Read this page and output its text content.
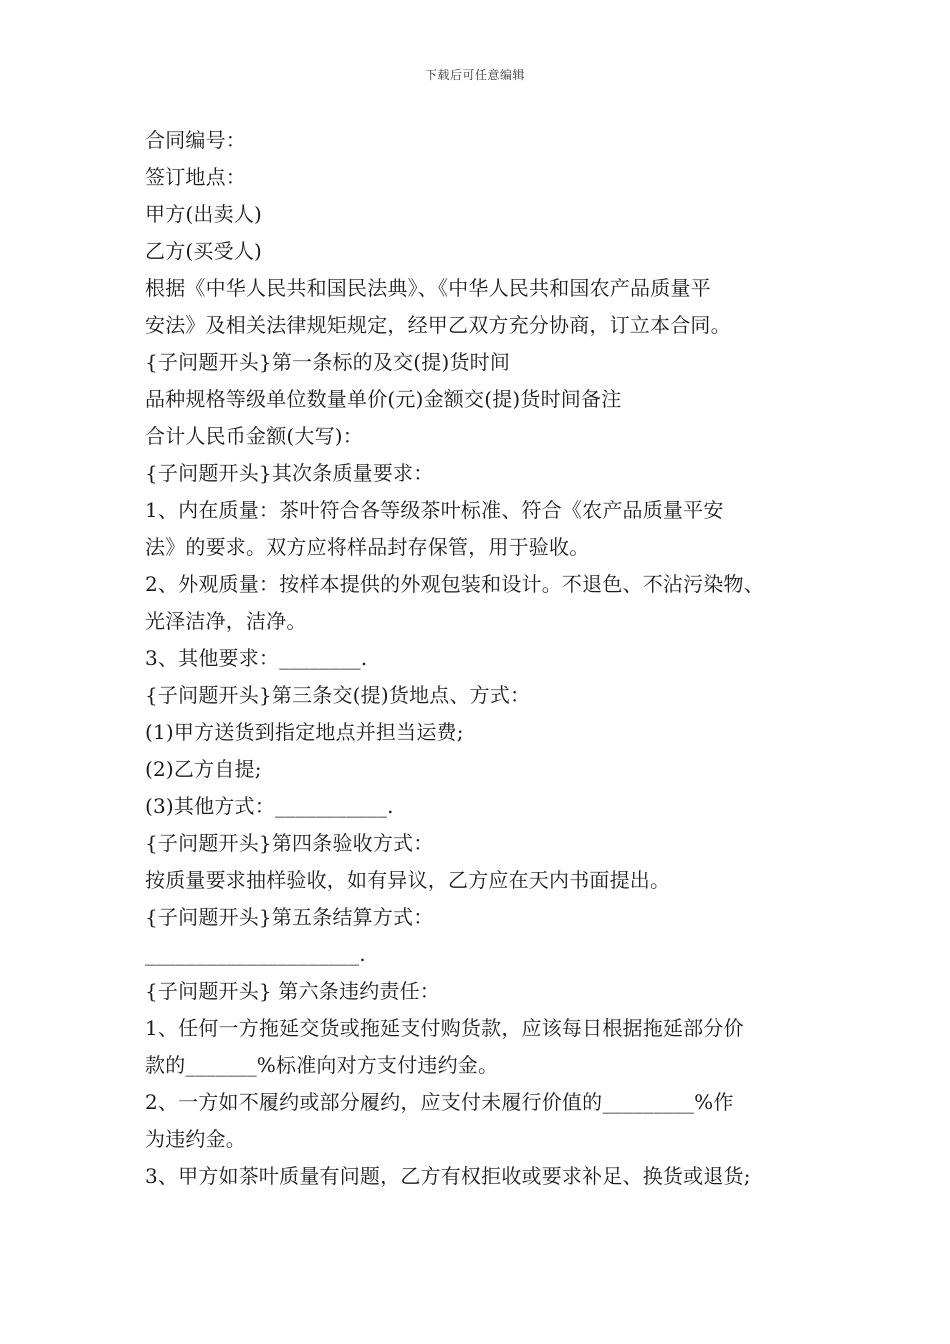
下载后可任意编辑
合同编号：
签订地点：
甲方(出卖人)
乙方(买受人)
根据《中华人民共和国民法典》、《中华人民共和国农产品质量平
安法》及相关法律规矩规定，经甲乙双方充分协商，订立本合同。
{子问题开头}第一条标的及交(提)货时间
品种规格等级单位数量单价(元)金额交(提)货时间备注
合计人民币金额(大写)：
{子问题开头}其次条质量要求：
1、内在质量：茶叶符合各等级茶叶标准、符合《农产品质量平安
法》的要求。双方应将样品封存保管，用于验收。
2、外观质量：按样本提供的外观包装和设计。不退色、不沾污染物、
光泽洁净，洁净。
3、其他要求：________.
{子问题开头}第三条交(提)货地点、方式：
(1)甲方送货到指定地点并担当运费;
(2)乙方自提;
(3)其他方式：___________.
{子问题开头}第四条验收方式：
按质量要求抽样验收，如有异议，乙方应在天内书面提出。
{子问题开头}第五条结算方式：
_____________________.
{子问题开头} 第六条违约责任：
1、任何一方拖延交货或拖延支付购货款，应该每日根据拖延部分价
款的_______%标准向对方支付违约金。
2、一方如不履约或部分履约，应支付未履行价值的_________%作
为违约金。
3、甲方如茶叶质量有问题，乙方有权拒收或要求补足、换货或退货;
